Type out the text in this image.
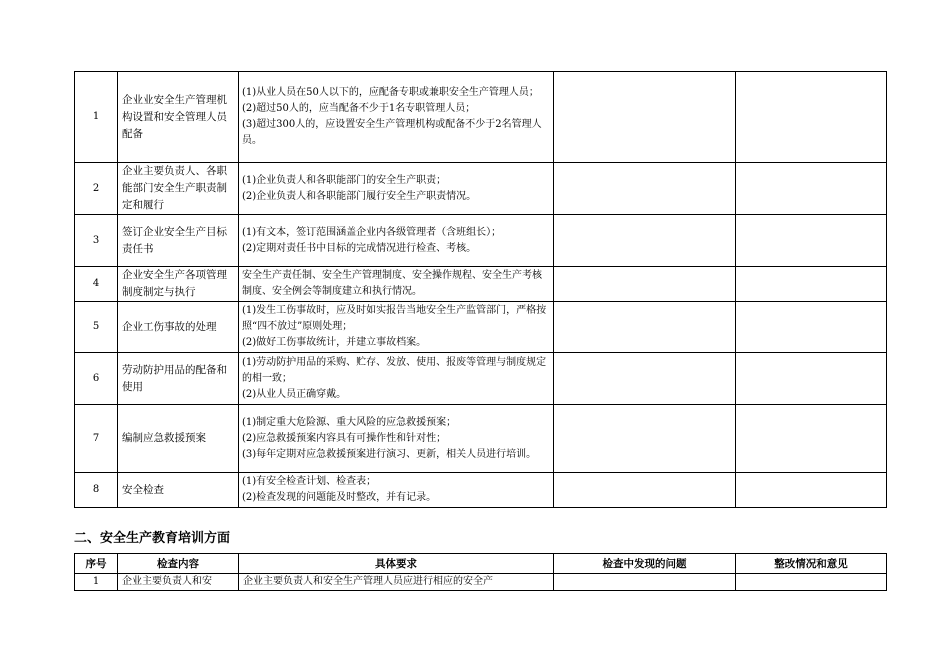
1	企业业安全生产管理机构设置和安全管理人员配备	(1)从业人员在50人以下的，应配备专职或兼职安全生产管理人员；
(2)超过50人的，应当配备不少于1名专职管理人员；
(3)超过300人的，应设置安全生产管理机构或配备不少于2名管理人员。		

2	企业主要负责人、各职能部门安全生产职责制定和履行	(1)企业负责人和各职能部门的安全生产职责；
(2)企业负责人和各职能部门履行安全生产职责情况。		

3	签订企业安全生产目标责任书	(1)有文本，签订范围涵盖企业内各级管理者（含班组长）；
(2)定期对责任书中目标的完成情况进行检查、考核。		

4	企业安全生产各项管理制度制定与执行	安全生产责任制、安全生产管理制度、安全操作规程、安全生产考核制度、安全例会等制度建立和执行情况。		

5	企业工伤事故的处理	(1)发生工伤事故时，应及时如实报告当地安全生产监管部门，严格按照“四不放过”原则处理；
(2)做好工伤事故统计，并建立事故档案。		

6	劳动防护用品的配备和使用	(1)劳动防护用品的采购、贮存、发放、使用、报废等管理与制度规定的相一致；
(2)从业人员正确穿戴。		

7	编制应急救援预案	(1)制定重大危险源、重大风险的应急救援预案；
(2)应急救援预案内容具有可操作性和针对性；
(3)每年定期对应急救援预案进行演习、更新，相关人员进行培训。		

8	安全检查	(1)有安全检查计划、检查表；
(2)检查发现的问题能及时整改，并有记录。		

二、安全生产教育培训方面
序号	检查内容	具体要求	检查中发现的问题	整改情况和意见
1	企业主要负责人和安	企业主要负责人和安全生产管理人员应进行相应的安全产		
